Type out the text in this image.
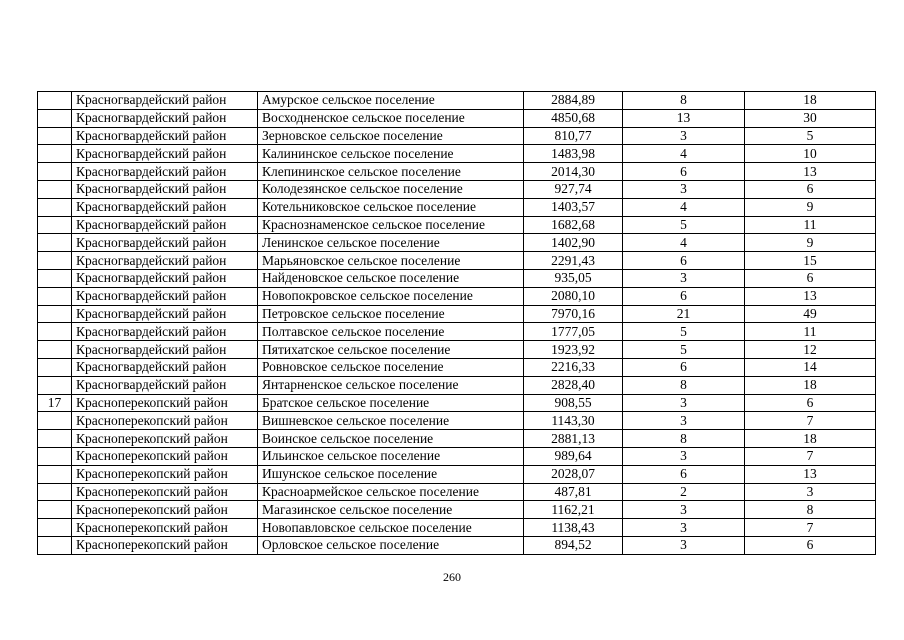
	Красногвардейский район	Амурское сельское поселение	2884,89	8	18
	Красногвардейский район	Восходненское сельское поселение	4850,68	13	30
	Красногвардейский район	Зерновское сельское поселение	810,77	3	5
	Красногвардейский район	Калининское сельское поселение	1483,98	4	10
	Красногвардейский район	Клепининское сельское поселение	2014,30	6	13
	Красногвардейский район	Колодезянское сельское поселение	927,74	3	6
	Красногвардейский район	Котельниковское сельское поселение	1403,57	4	9
	Красногвардейский район	Краснознаменское сельское поселение	1682,68	5	11
	Красногвардейский район	Ленинское сельское поселение	1402,90	4	9
	Красногвардейский район	Марьяновское сельское поселение	2291,43	6	15
	Красногвардейский район	Найденовское сельское поселение	935,05	3	6
	Красногвардейский район	Новопокровское сельское поселение	2080,10	6	13
	Красногвардейский район	Петровское сельское поселение	7970,16	21	49
	Красногвардейский район	Полтавское сельское поселение	1777,05	5	11
	Красногвардейский район	Пятихатское сельское поселение	1923,92	5	12
	Красногвардейский район	Ровновское сельское поселение	2216,33	6	14
	Красногвардейский район	Янтарненское сельское поселение	2828,40	8	18
17	Красноперекопский район	Братское сельское поселение	908,55	3	6
	Красноперекопский район	Вишневское сельское поселение	1143,30	3	7
	Красноперекопский район	Воинское сельское поселение	2881,13	8	18
	Красноперекопский район	Ильинское сельское поселение	989,64	3	7
	Красноперекопский район	Ишунское сельское поселение	2028,07	6	13
	Красноперекопский район	Красноармейское сельское поселение	487,81	2	3
	Красноперекопский район	Магазинское сельское поселение	1162,21	3	8
	Красноперекопский район	Новопавловское сельское поселение	1138,43	3	7
	Красноперекопский район	Орловское сельское поселение	894,52	3	6
260
